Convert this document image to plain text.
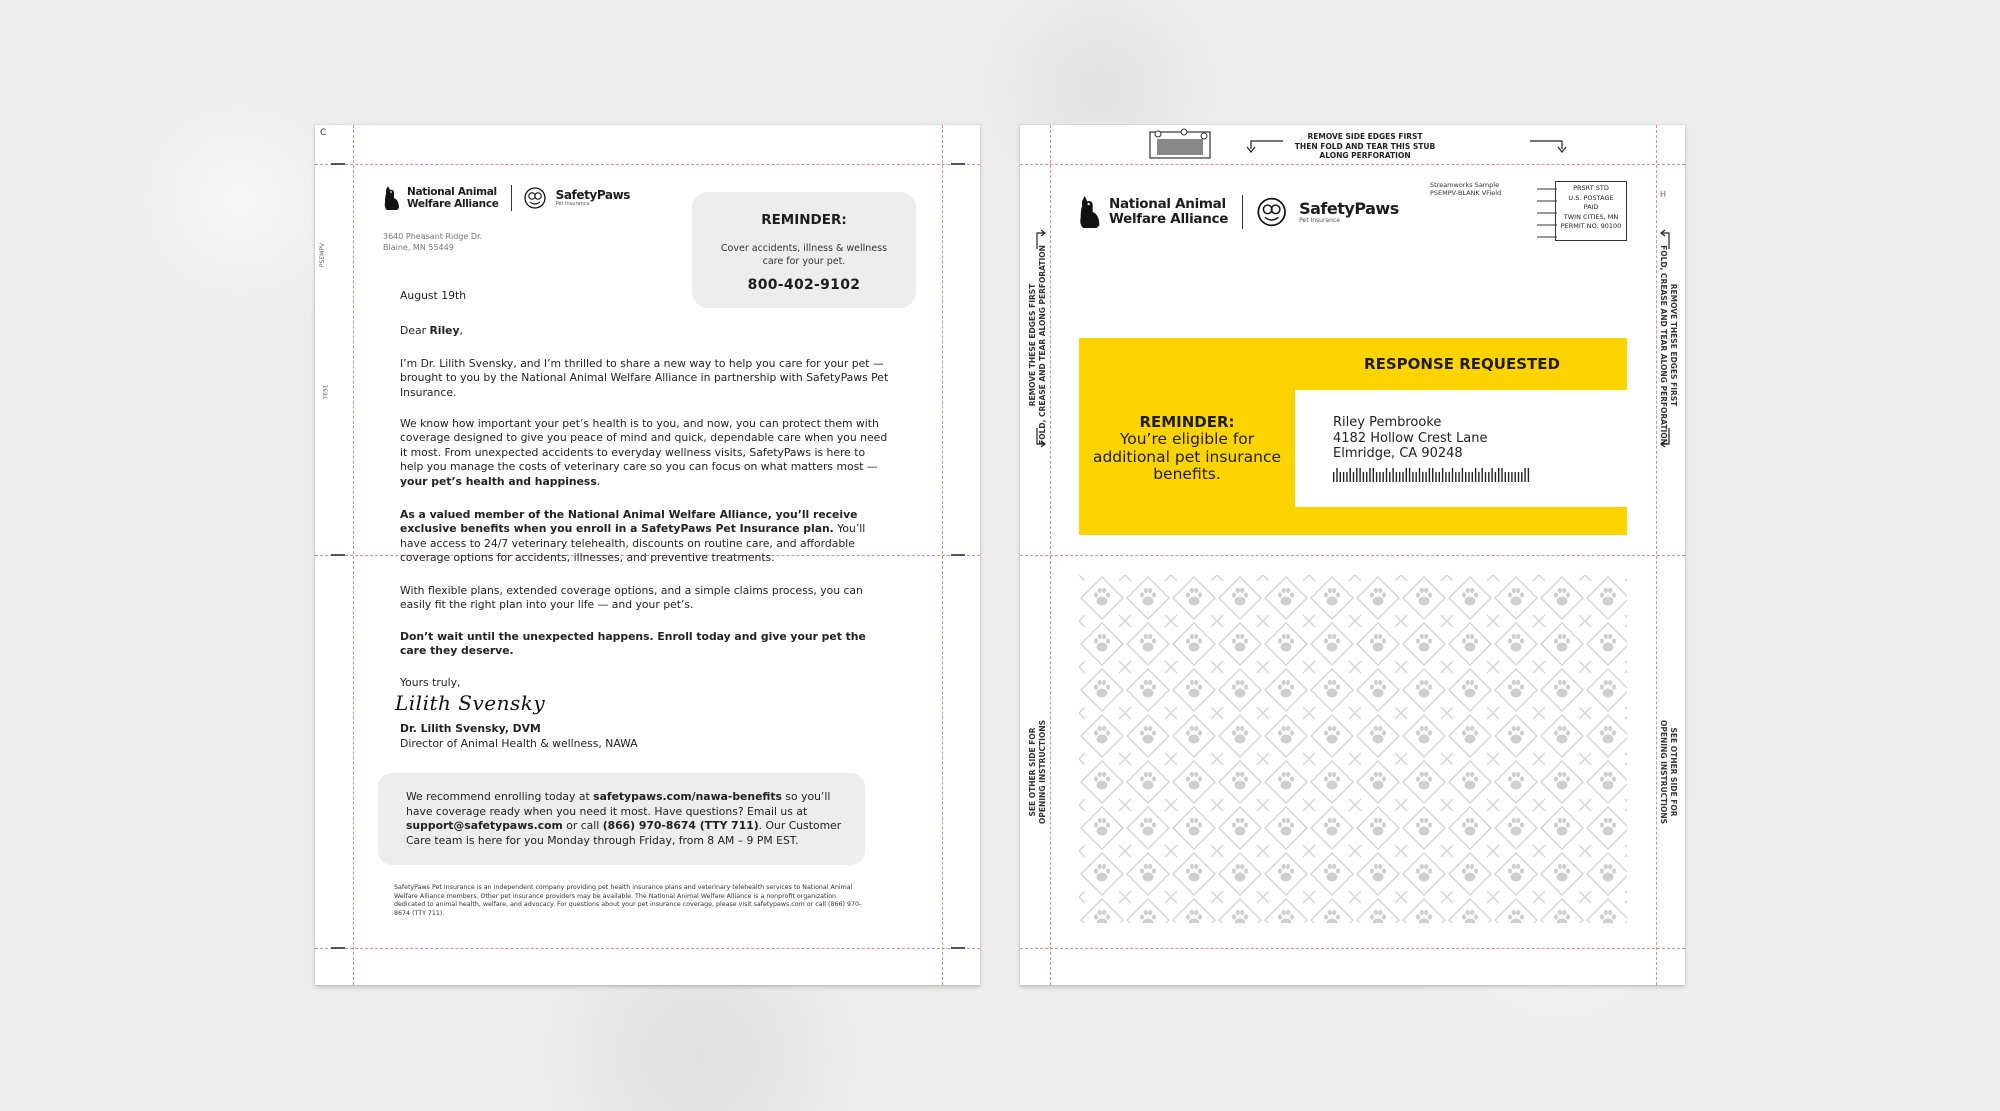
C
PSEMPV
7651
National Animal
Welfare Alliance
SafetyPaws
Pet Insurance
3640 Pheasant Ridge Dr.
Blaine, MN 55449
REMINDER:
Cover accidents, illness & wellness care for your pet.
800-402-9102
August 19th
Dear Riley,
I’m Dr. Lilith Svensky, and I’m thrilled to share a new way to help you care for your pet — brought to you by the National Animal Welfare Alliance in partnership with SafetyPaws Pet Insurance.
We know how important your pet’s health is to you, and now, you can protect them with coverage designed to give you peace of mind and quick, dependable care when you need it most. From unexpected accidents to everyday wellness visits, SafetyPaws is here to help you manage the costs of veterinary care so you can focus on what matters most — your pet’s health and happiness.
As a valued member of the National Animal Welfare Alliance, you’ll receive exclusive benefits when you enroll in a SafetyPaws Pet Insurance plan. You’ll have access to 24/7 veterinary telehealth, discounts on routine care, and affordable coverage options for accidents, illnesses, and preventive treatments.
With flexible plans, extended coverage options, and a simple claims process, you can easily fit the right plan into your life — and your pet’s.
Don’t wait until the unexpected happens. Enroll today and give your pet the care they deserve.
Yours truly,
Lilith Svensky
Dr. Lilith Svensky, DVM
Director of Animal Health & wellness, NAWA
We recommend enrolling today at safetypaws.com/nawa-benefits so you’ll have coverage ready when you need it most. Have questions? Email us at support@safetypaws.com or call (866) 970-8674 (TTY 711). Our Customer Care team is here for you Monday through Friday, from 8 AM – 9 PM EST.
SafetyPaws Pet Insurance is an independent company providing pet health insurance plans and veterinary telehealth services to National Animal Welfare Alliance members. Other pet insurance providers may be available. The National Animal Welfare Alliance is a nonprofit organization dedicated to animal health, welfare, and advocacy. For questions about your pet insurance coverage, please visit safetypaws.com or call (866) 970-8674 (TTY 711).
REMOVE SIDE EDGES FIRST
THEN FOLD AND TEAR THIS STUB ALONG PERFORATION
H
National Animal
Welfare Alliance
SafetyPaws
Pet Insurance
Streamworks Sample
PSEMPV-BLANK VField
PRSRT STD
U.S. POSTAGE
PAID
TWIN CITIES, MN
PERMIT NO. 90100
REMOVE THESE EDGES FIRST FOLD, CREASE AND TEAR ALONG PERFORATION	REMOVE THESE EDGES FIRST
FOLD, CREASE AND TEAR ALONG PERFORATION
SEE OTHER SIDE FOR OPENING INSTRUCTIONS	SEE OTHER SIDE FOR
OPENING INSTRUCTIONS
RESPONSE REQUESTED
REMINDER:
You’re eligible for additional pet insurance benefits.
Riley Pembrooke
4182 Hollow Crest Lane
Elmridge, CA 90248
